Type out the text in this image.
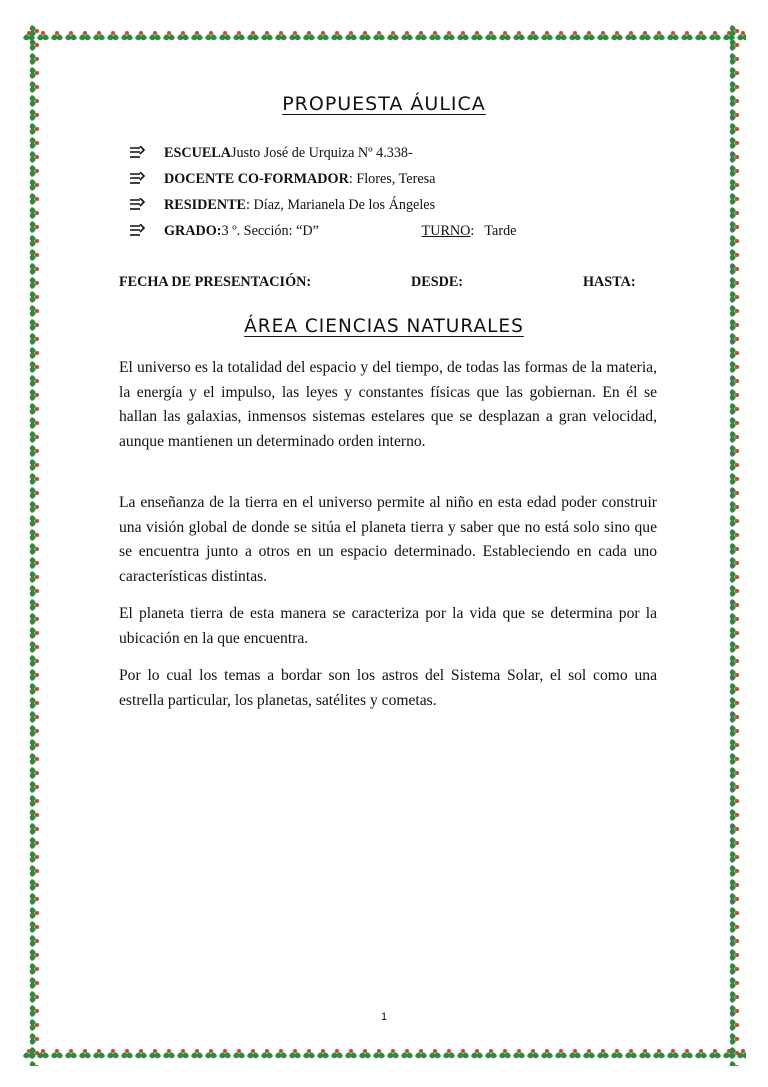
PROPUESTA ÁULICA
ESCUELA Justo José de Urquiza Nº 4.338-
DOCENTE CO-FORMADOR : Flores, Teresa
RESIDENTE : Díaz, Marianela De los Ángeles
GRADO: 3 º. Sección: “D”	TURNO : Tarde
FECHA DE PRESENTACIÓN:	DESDE:	HASTA:
ÁREA CIENCIAS NATURALES

El universo es la totalidad del espacio y del tiempo, de todas las formas de la materia, la energía y el impulso, las leyes y constantes físicas que las gobiernan. En él se hallan las galaxias, inmensos sistemas estelares que se desplazan a gran velocidad, aunque mantienen un determinado orden interno.

La enseñanza de la tierra en el universo permite al niño en esta edad poder construir una visión global de donde se sitúa el planeta tierra y saber que no está solo sino que se encuentra junto a otros en un espacio determinado. Estableciendo en cada uno características distintas.

El planeta tierra de esta manera se caracteriza por la vida que se determina por la ubicación en la que encuentra.

Por lo cual los temas a bordar son los astros del Sistema Solar, el sol como una estrella particular, los planetas, satélites y cometas.

1
